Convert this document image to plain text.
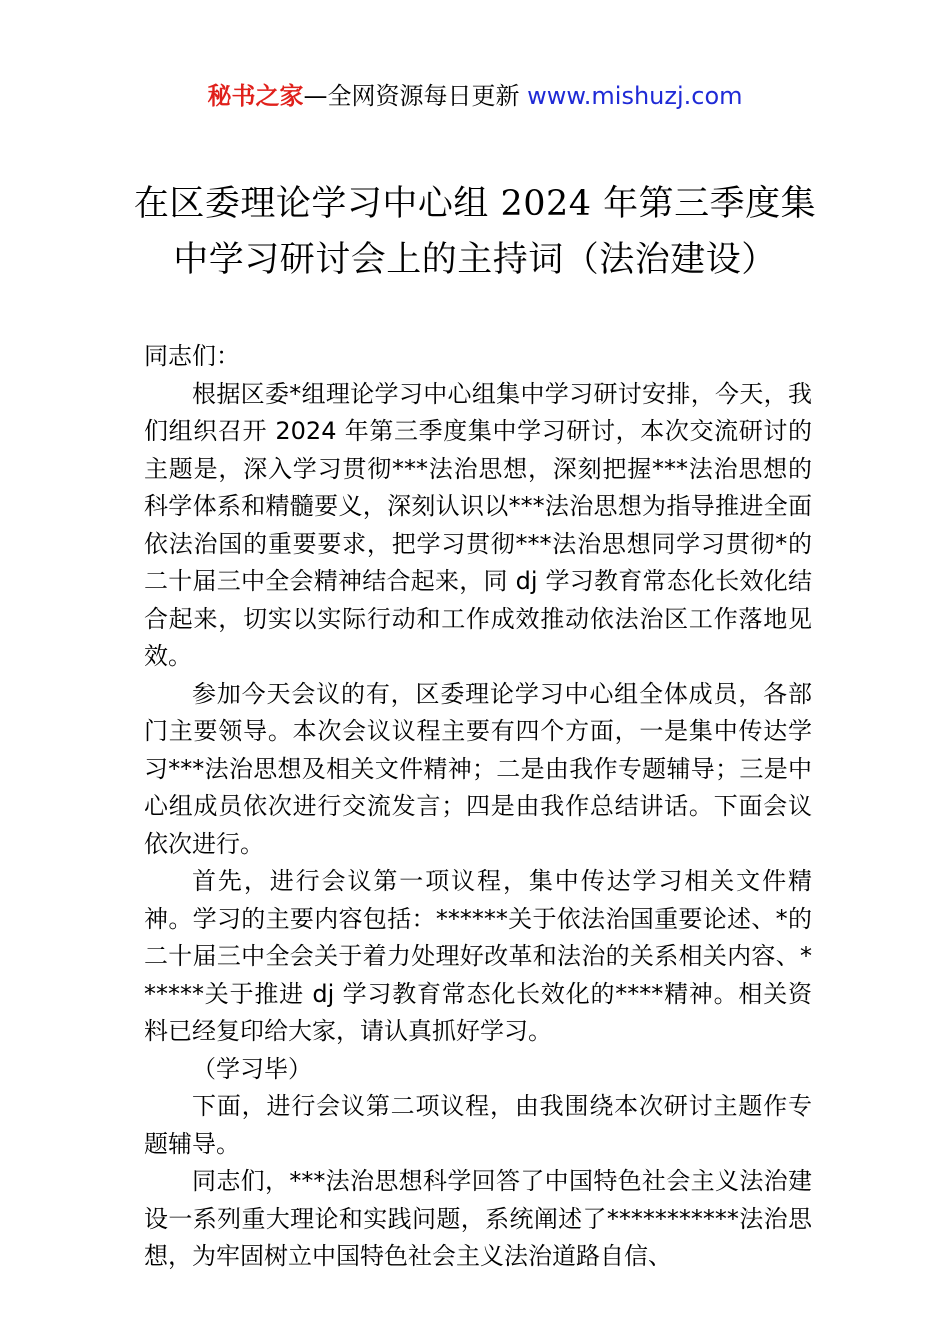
秘书之家—全网资源每日更新 www.mishuzj.com
在区委理论学习中心组 2024 年第三季度集
中学习研讨会上的主持词（法治建设）

同志们：

根据区委*组理论学习中心组集中学习研讨安排，今天，我们组织召开 2024 年第三季度集中学习研讨，本次交流研讨的主题是，深入学习贯彻***法治思想，深刻把握***法治思想的科学体系和精髓要义，深刻认识以***法治思想为指导推进全面依法治国的重要要求，把学习贯彻***法治思想同学习贯彻*的二十届三中全会精神结合起来，同 dj 学习教育常态化长效化结合起来，切实以实际行动和工作成效推动依法治区工作落地见效。

参加今天会议的有，区委理论学习中心组全体成员，各部门主要领导。本次会议议程主要有四个方面，一是集中传达学习***法治思想及相关文件精神；二是由我作专题辅导；三是中心组成员依次进行交流发言；四是由我作总结讲话。下面会议依次进行。

首先，进行会议第一项议程，集中传达学习相关文件精神。学习的主要内容包括：******关于依法治国重要论述、*的二十届三中全会关于着力处理好改革和法治的关系相关内容、******关于推进 dj 学习教育常态化长效化的****精神。相关资料已经复印给大家，请认真抓好学习。

（学习毕）

下面，进行会议第二项议程，由我围绕本次研讨主题作专题辅导。

同志们，***法治思想科学回答了中国特色社会主义法治建设一系列重大理论和实践问题，系统阐述了***********法治思想，为牢固树立中国特色社会主义法治道路自信、
